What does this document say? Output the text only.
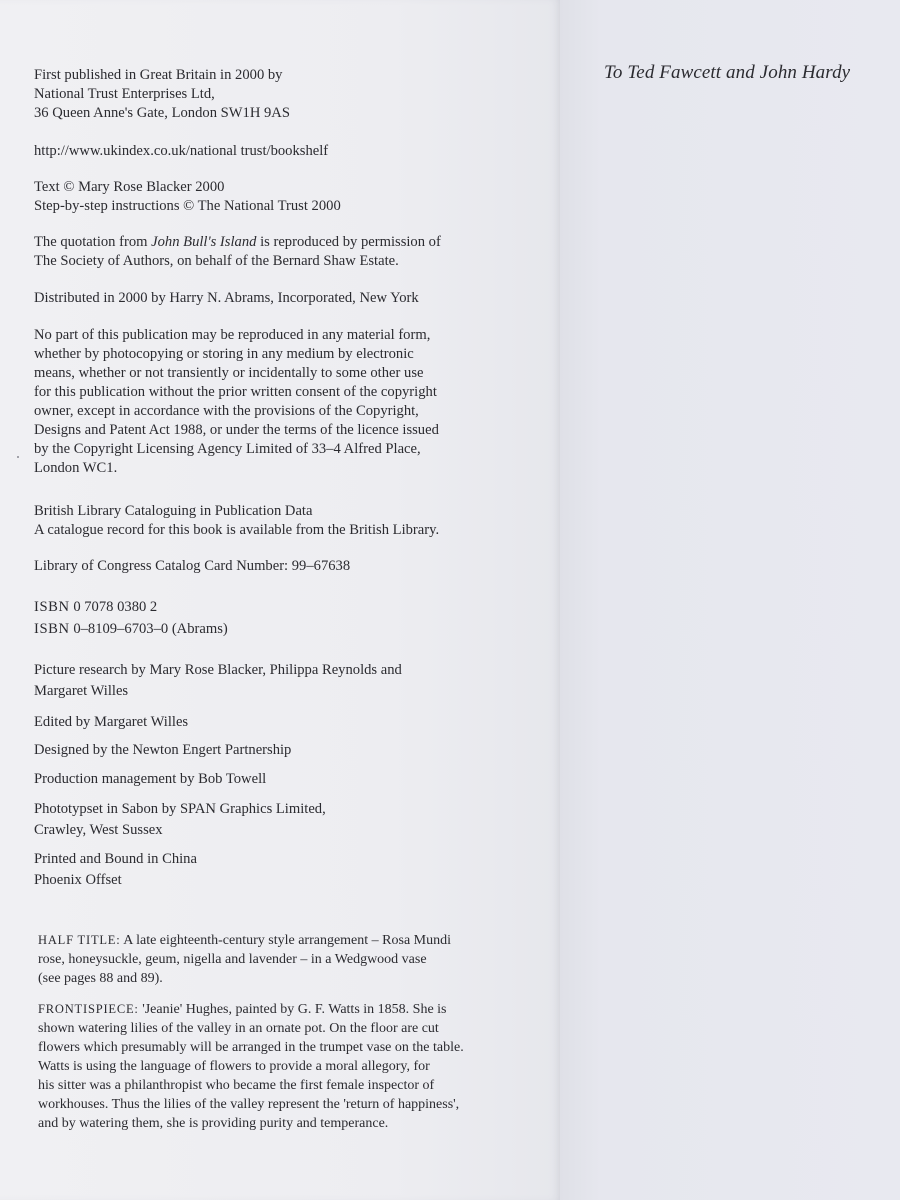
To Ted Fawcett and John Hardy
First published in Great Britain in 2000 by
National Trust Enterprises Ltd,
36 Queen Anne's Gate, London SW1H 9AS
http://www.ukindex.co.uk/national trust/bookshelf
Text © Mary Rose Blacker 2000
Step-by-step instructions © The National Trust 2000
The quotation from John Bull's Island is reproduced by permission of
The Society of Authors, on behalf of the Bernard Shaw Estate.
Distributed in 2000 by Harry N. Abrams, Incorporated, New York
No part of this publication may be reproduced in any material form,
whether by photocopying or storing in any medium by electronic
means, whether or not transiently or incidentally to some other use
for this publication without the prior written consent of the copyright
owner, except in accordance with the provisions of the Copyright,
Designs and Patent Act 1988, or under the terms of the licence issued
by the Copyright Licensing Agency Limited of 33–4 Alfred Place,
London WC1.
British Library Cataloguing in Publication Data
A catalogue record for this book is available from the British Library.
Library of Congress Catalog Card Number: 99–67638
ISBN 0 7078 0380 2
ISBN 0–8109–6703–0 (Abrams)
Picture research by Mary Rose Blacker, Philippa Reynolds and
Margaret Willes
Edited by Margaret Willes
Designed by the Newton Engert Partnership
Production management by Bob Towell
Phototypset in Sabon by SPAN Graphics Limited,
Crawley, West Sussex
Printed and Bound in China
Phoenix Offset
HALF TITLE: A late eighteenth-century style arrangement – Rosa Mundi
rose, honeysuckle, geum, nigella and lavender – in a Wedgwood vase
(see pages 88 and 89).
FRONTISPIECE: 'Jeanie' Hughes, painted by G. F. Watts in 1858. She is
shown watering lilies of the valley in an ornate pot. On the floor are cut
flowers which presumably will be arranged in the trumpet vase on the table.
Watts is using the language of flowers to provide a moral allegory, for
his sitter was a philanthropist who became the first female inspector of
workhouses. Thus the lilies of the valley represent the 'return of happiness',
and by watering them, she is providing purity and temperance.
